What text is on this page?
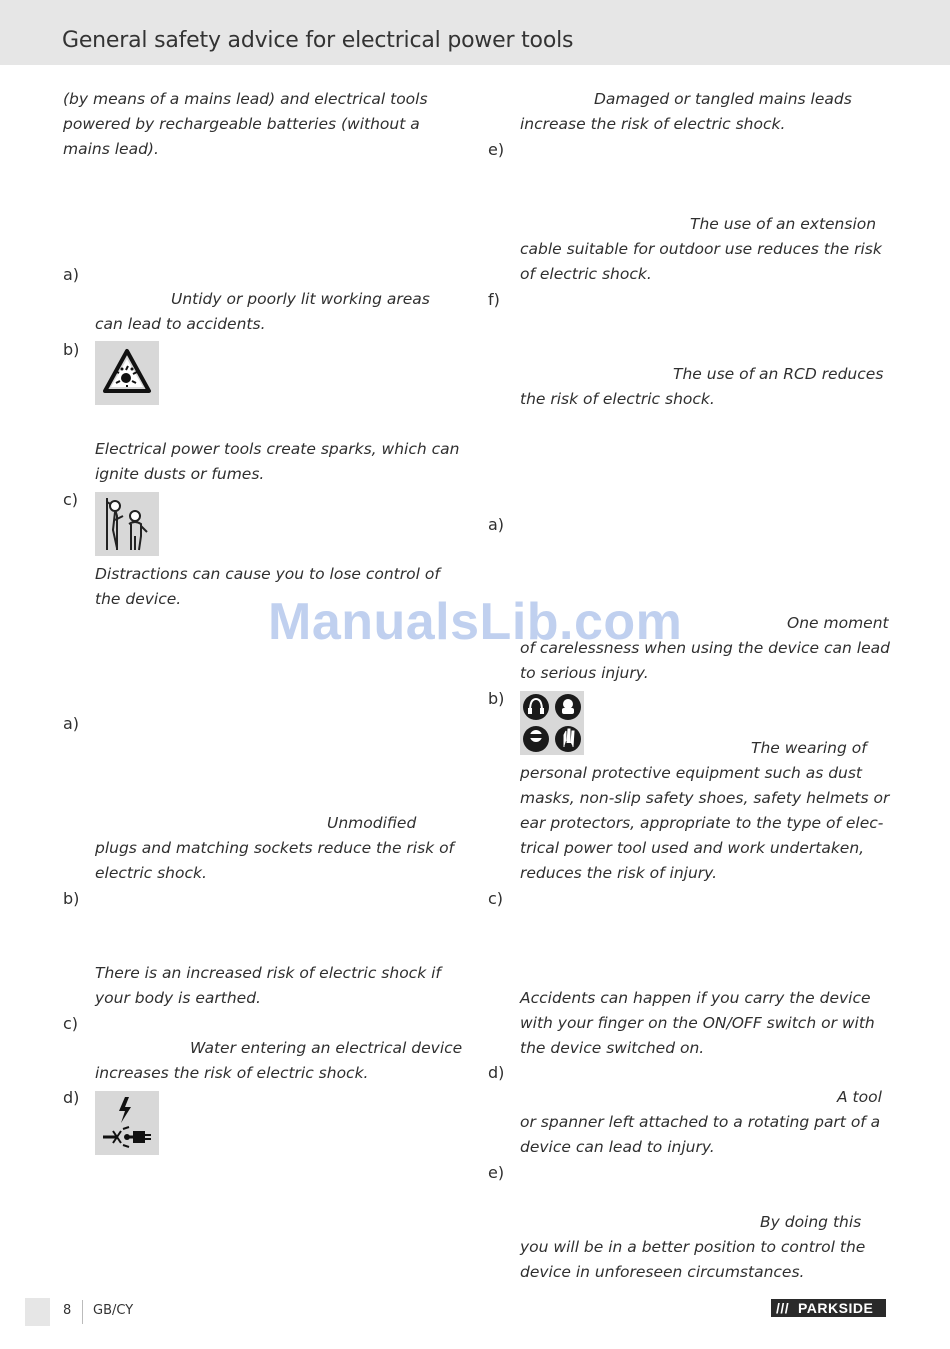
General safety advice for electrical power tools

(by means of a mains lead) and electrical tools

powered by rechargeable batteries (without a

mains lead).

a)

Untidy or poorly lit working areas

can lead to accidents.

b)

Electrical power tools create sparks, which can

ignite dusts or fumes.

c)

Distractions can cause you to lose control of

the device.

a)

Unmodified

plugs and matching sockets reduce the risk of

electric shock.

b)

There is an increased risk of electric shock if

your body is earthed.

c)

Water entering an electrical device

increases the risk of electric shock.

d)

Damaged or tangled mains leads

increase the risk of electric shock.

e)

The use of an extension

cable suitable for outdoor use reduces the risk

of electric shock.

f)

The use of an RCD reduces

the risk of electric shock.

a)

One moment

of carelessness when using the device can lead

to serious injury.

b)

The wearing of

personal protective equipment such as dust

masks, non-slip safety shoes, safety helmets or

ear protectors, appropriate to the type of elec-

trical power tool used and work undertaken,

reduces the risk of injury.

c)

Accidents can happen if you carry the device

with your finger on the ON/OFF switch or with

the device switched on.

d)

A tool

or spanner left attached to a rotating part of a

device can lead to injury.

e)

By doing this

you will be in a better position to control the

device in unforeseen circumstances.

ManualsLib.com
8 GB/CY	/// PARKSIDE
